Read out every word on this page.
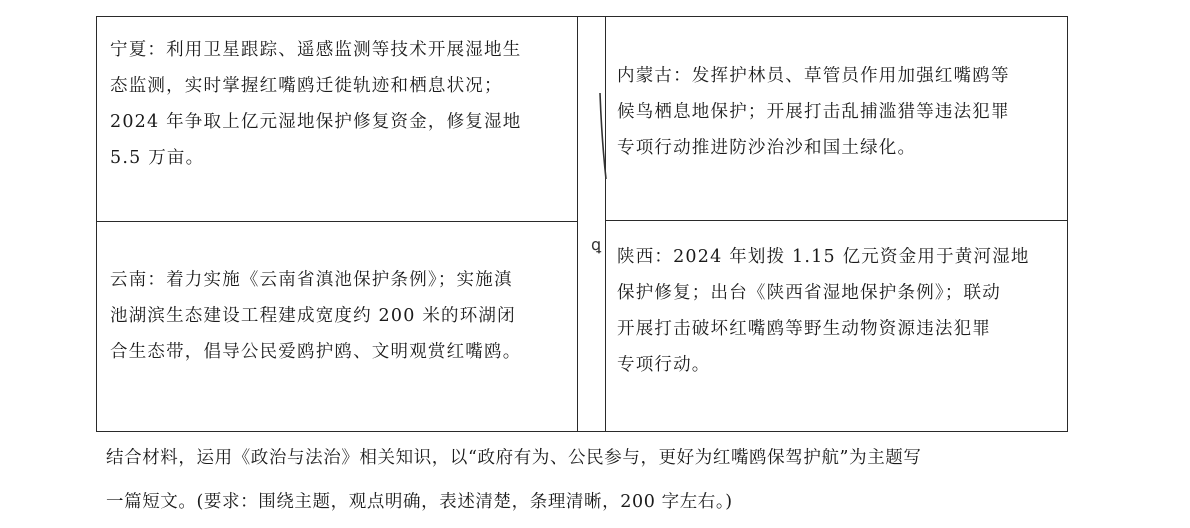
ꝗ
宁夏：利用卫星跟踪、遥感监测等技术开展湿地生
态监测，实时掌握红嘴鸥迁徙轨迹和栖息状况；
2024 年争取上亿元湿地保护修复资金，修复湿地
5.5 万亩。
内蒙古：发挥护林员、草管员作用加强红嘴鸥等
候鸟栖息地保护；开展打击乱捕滥猎等违法犯罪
专项行动推进防沙治沙和国土绿化。
云南：着力实施《云南省滇池保护条例》；实施滇
池湖滨生态建设工程建成宽度约 200 米的环湖闭
合生态带，倡导公民爱鸥护鸥、文明观赏红嘴鸥。
陕西：2024 年划拨 1.15 亿元资金用于黄河湿地
保护修复；出台《陕西省湿地保护条例》；联动
开展打击破坏红嘴鸥等野生动物资源违法犯罪
专项行动。
结合材料，运用《政治与法治》相关知识，以“政府有为、公民参与，更好为红嘴鸥保驾护航”为主题写
一篇短文。(要求：围绕主题，观点明确，表述清楚，条理清晰，200 字左右。)
